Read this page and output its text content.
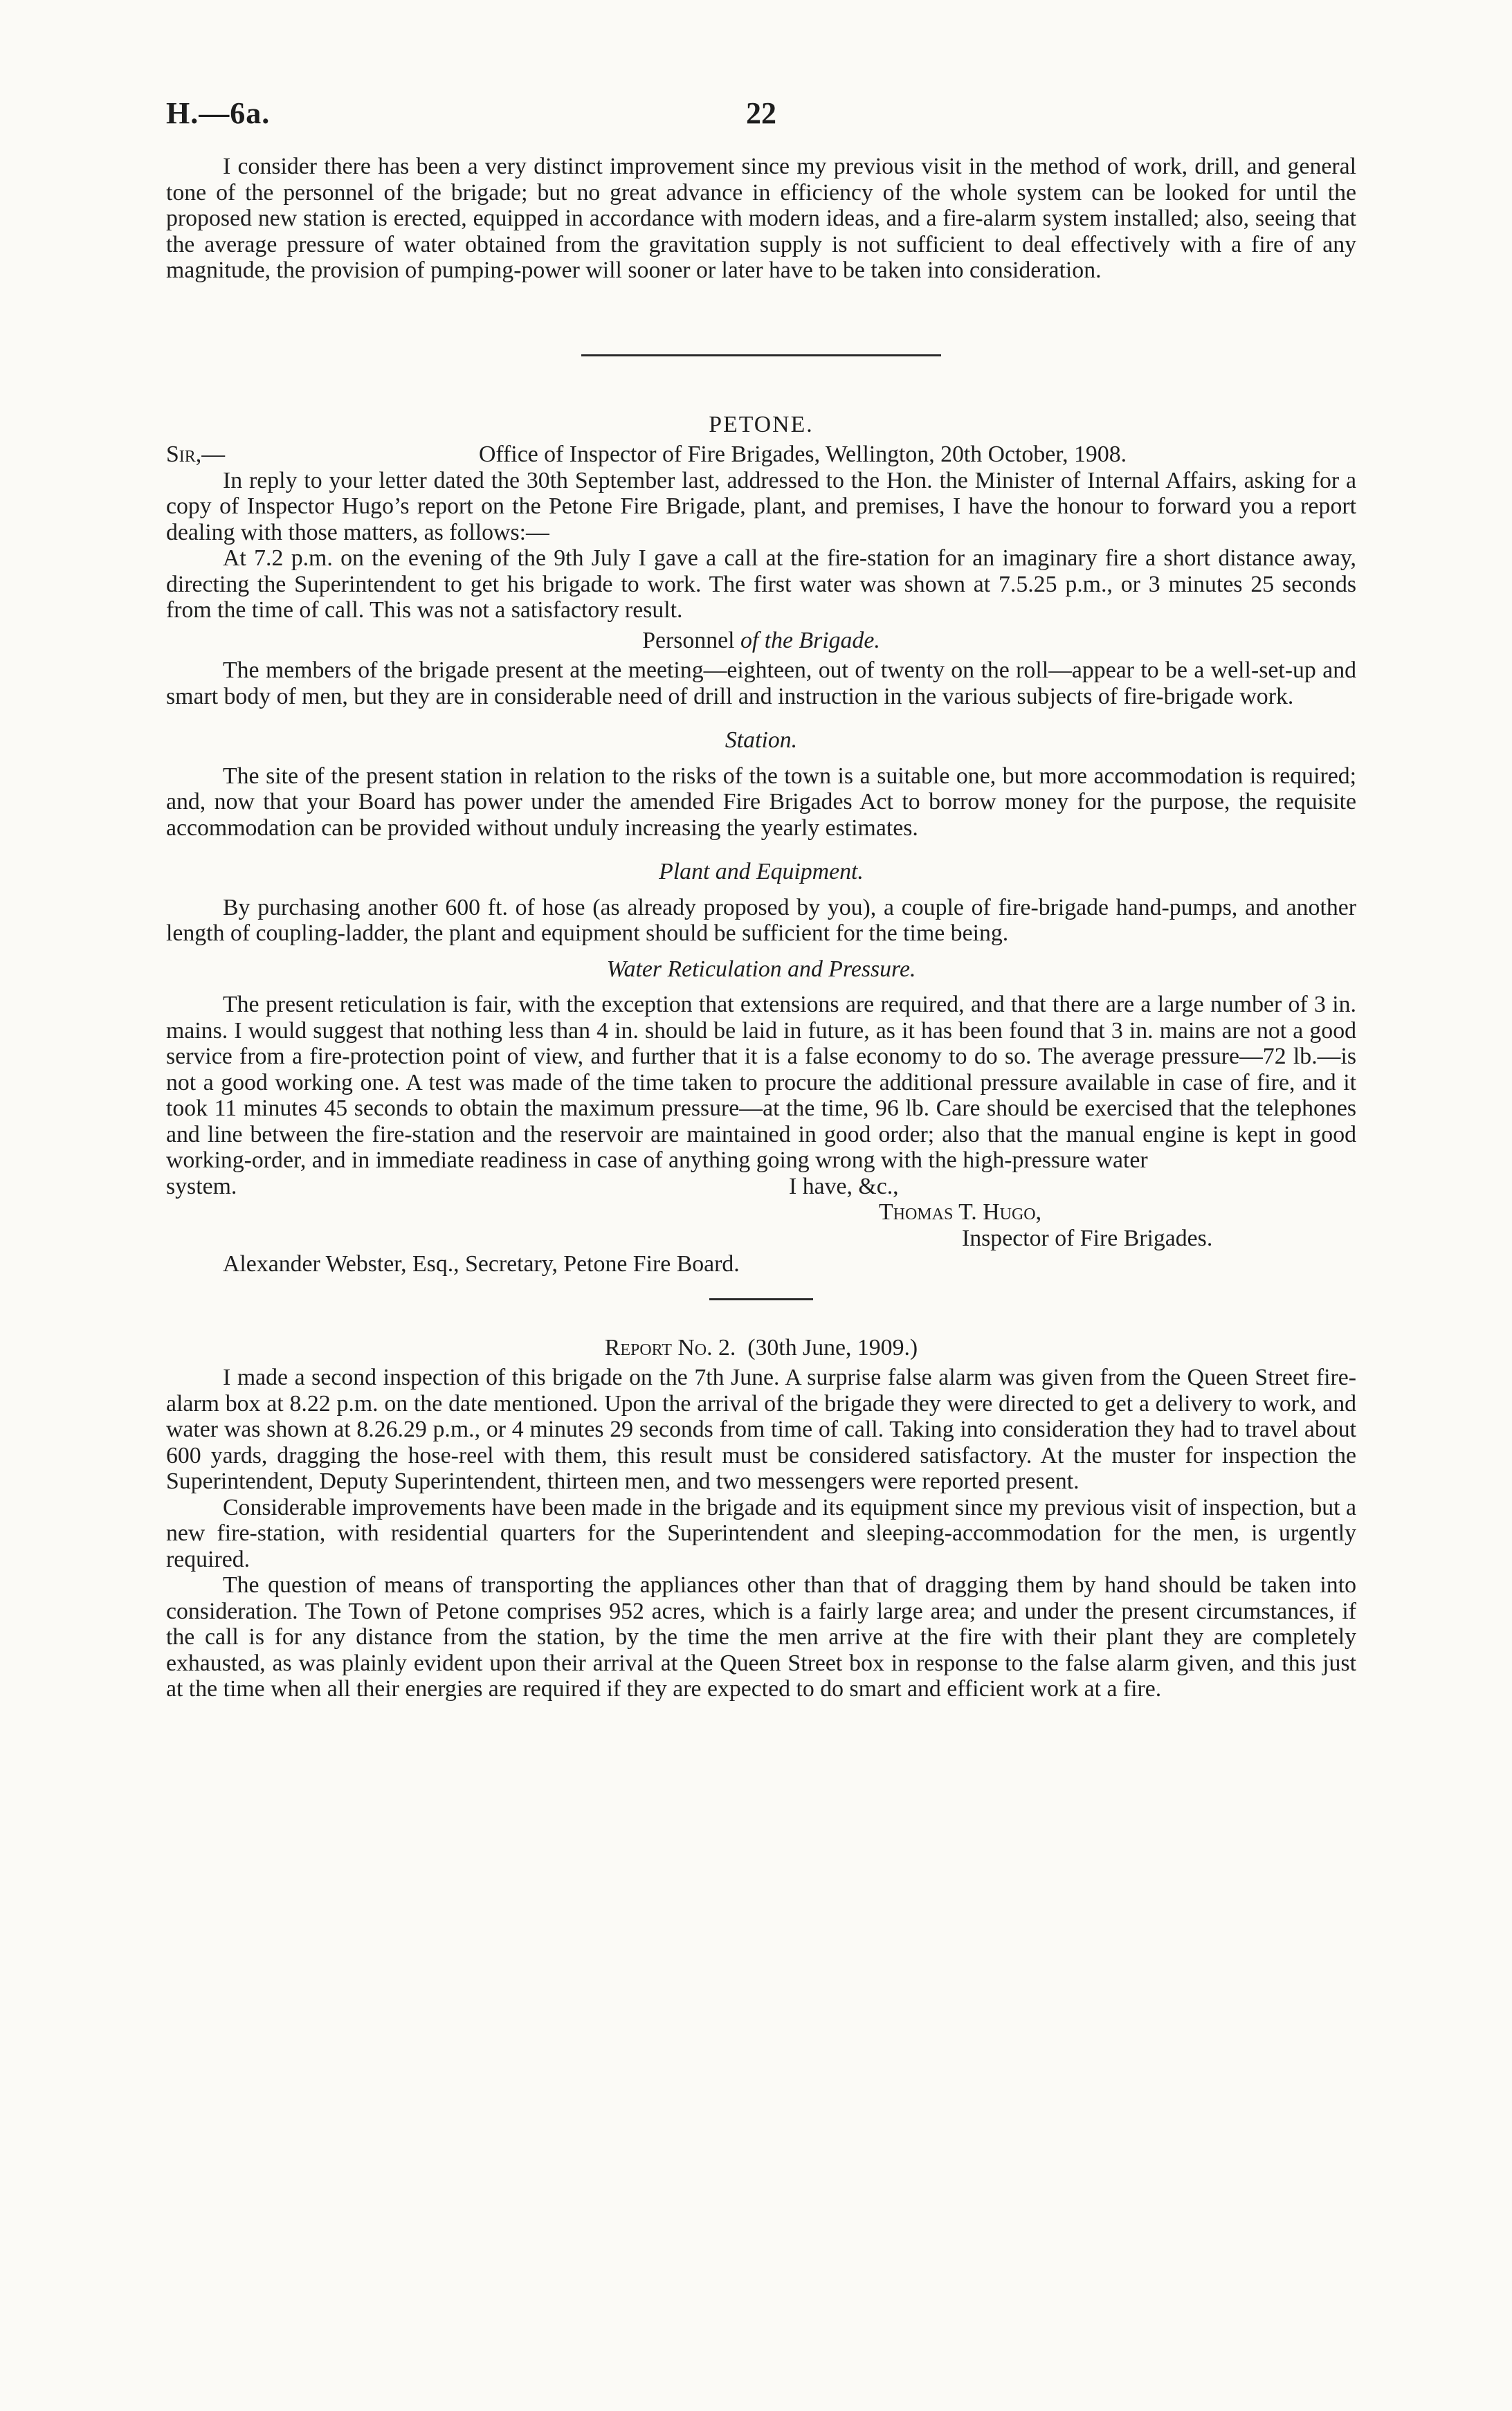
H.—6a.	22

I consider there has been a very distinct improvement since my previous visit in the method of work, drill, and general tone of the personnel of the brigade; but no great advance in efficiency of the whole system can be looked for until the proposed new station is erected, equipped in accordance with modern ideas, and a fire-alarm system installed; also, seeing that the average pressure of water obtained from the gravitation supply is not sufficient to deal effectively with a fire of any magnitude, the provision of pumping-power will sooner or later have to be taken into consideration.

PETONE.
Sir,—	Office of Inspector of Fire Brigades, Wellington, 20th October, 1908.

In reply to your letter dated the 30th September last, addressed to the Hon. the Minister of Internal Affairs, asking for a copy of Inspector Hugo’s report on the Petone Fire Brigade, plant, and premises, I have the honour to forward you a report dealing with those matters, as follows:—

At 7.2 p.m. on the evening of the 9th July I gave a call at the fire-station for an imaginary fire a short distance away, directing the Superintendent to get his brigade to work. The first water was shown at 7.5.25 p.m., or 3 minutes 25 seconds from the time of call. This was not a satisfactory result.

Personnel of the Brigade.

The members of the brigade present at the meeting—eighteen, out of twenty on the roll—appear to be a well-set-up and smart body of men, but they are in considerable need of drill and instruction in the various subjects of fire-brigade work.

Station.

The site of the present station in relation to the risks of the town is a suitable one, but more accommodation is required; and, now that your Board has power under the amended Fire Brigades Act to borrow money for the purpose, the requisite accommodation can be provided without unduly increasing the yearly estimates.

Plant and Equipment.

By purchasing another 600 ft. of hose (as already proposed by you), a couple of fire-brigade hand-pumps, and another length of coupling-ladder, the plant and equipment should be sufficient for the time being.

Water Reticulation and Pressure.

The present reticulation is fair, with the exception that extensions are required, and that there are a large number of 3 in. mains. I would suggest that nothing less than 4 in. should be laid in future, as it has been found that 3 in. mains are not a good service from a fire-protection point of view, and further that it is a false economy to do so. The average pressure—72 lb.—is not a good working one. A test was made of the time taken to procure the additional pressure available in case of fire, and it took 11 minutes 45 seconds to obtain the maximum pressure—at the time, 96 lb. Care should be exercised that the telephones and line between the fire-station and the reservoir are maintained in good order; also that the manual engine is kept in good working-order, and in immediate readiness in case of anything going wrong with the high-pressure water

system.	I have, &c.,
Thomas T. Hugo,
Inspector of Fire Brigades.
Alexander Webster, Esq., Secretary, Petone Fire Board.
Report No. 2. (30th June, 1909.)

I made a second inspection of this brigade on the 7th June. A surprise false alarm was given from the Queen Street fire-alarm box at 8.22 p.m. on the date mentioned. Upon the arrival of the brigade they were directed to get a delivery to work, and water was shown at 8.26.29 p.m., or 4 minutes 29 seconds from time of call. Taking into consideration they had to travel about 600 yards, dragging the hose-reel with them, this result must be considered satisfactory. At the muster for inspection the Superintendent, Deputy Superintendent, thirteen men, and two messengers were reported present.

Considerable improvements have been made in the brigade and its equipment since my previous visit of inspection, but a new fire-station, with residential quarters for the Superintendent and sleeping-accommodation for the men, is urgently required.

The question of means of transporting the appliances other than that of dragging them by hand should be taken into consideration. The Town of Petone comprises 952 acres, which is a fairly large area; and under the present circumstances, if the call is for any distance from the station, by the time the men arrive at the fire with their plant they are completely exhausted, as was plainly evident upon their arrival at the Queen Street box in response to the false alarm given, and this just at the time when all their energies are required if they are expected to do smart and efficient work at a fire.
